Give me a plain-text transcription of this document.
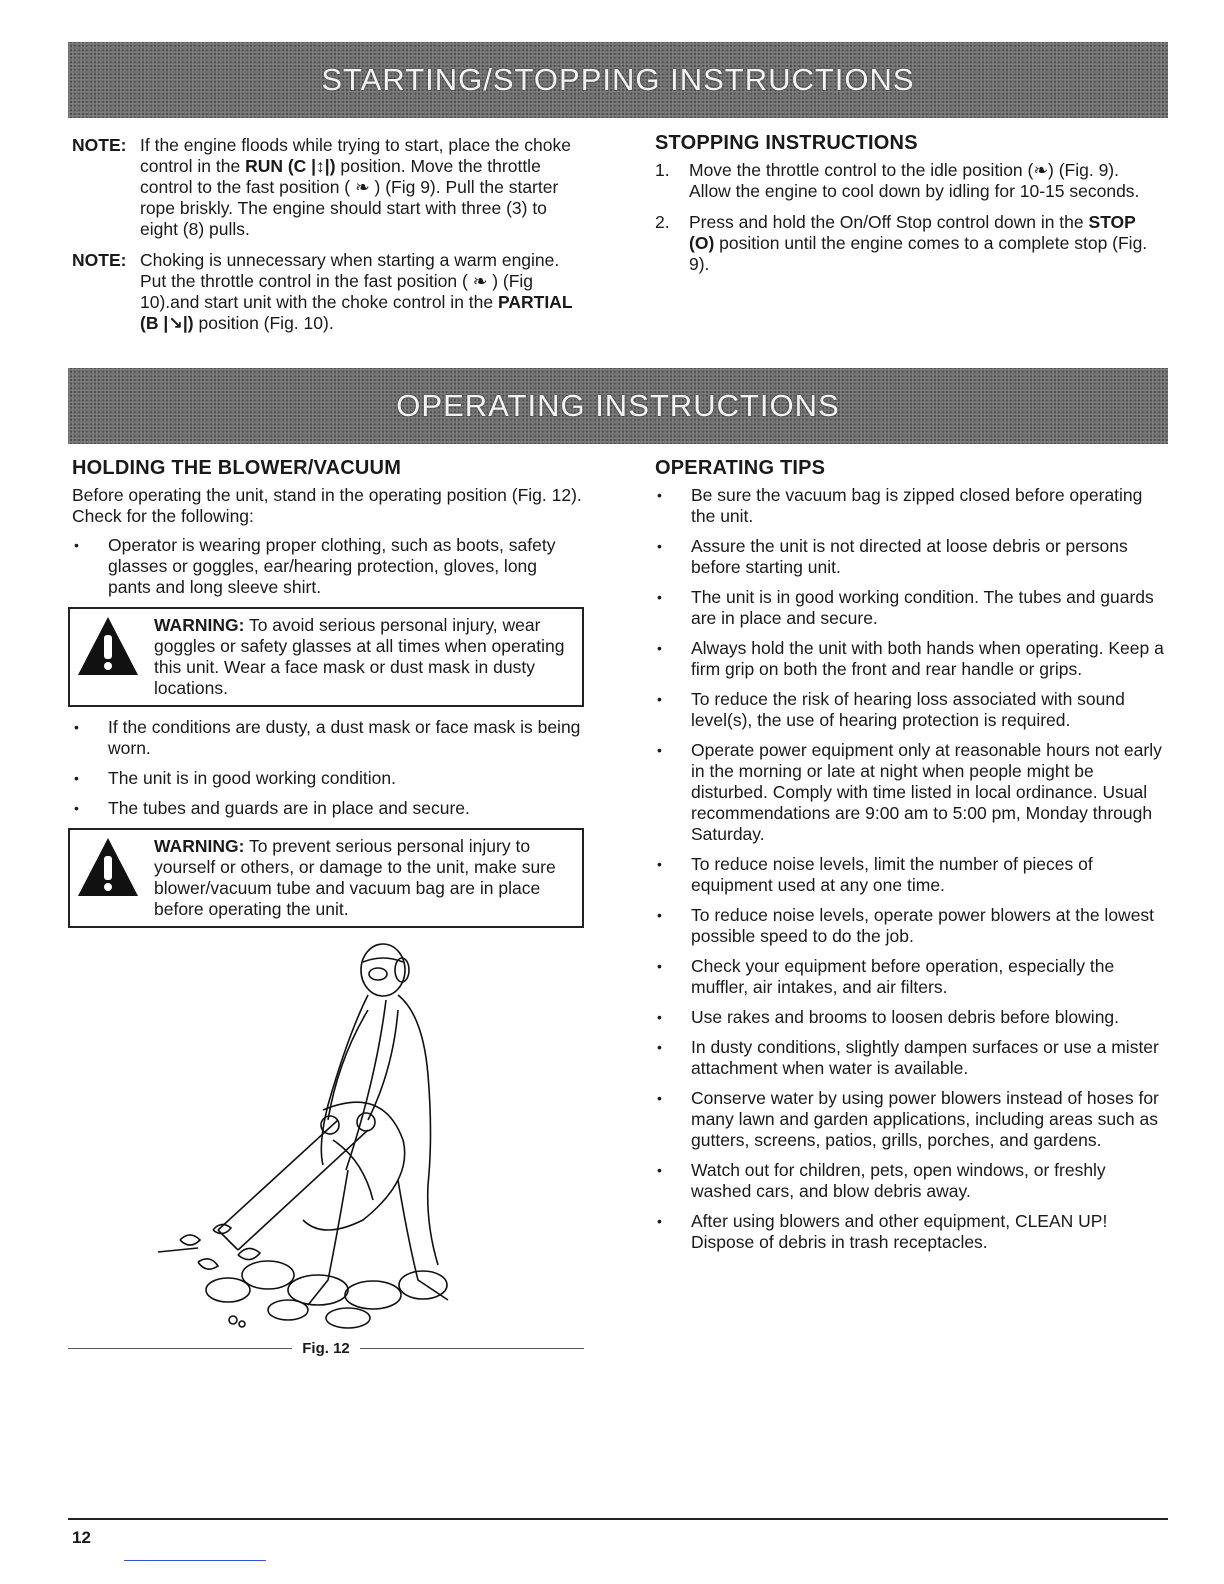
STARTING/STOPPING INSTRUCTIONS
NOTE: If the engine floods while trying to start, place the choke control in the RUN (C |↕|) position. Move the throttle control to the fast position ( ❧ ) (Fig 9). Pull the starter rope briskly. The engine should start with three (3) to eight (8) pulls.
NOTE: Choking is unnecessary when starting a warm engine. Put the throttle control in the fast position ( ❧ ) (Fig 10).and start unit with the choke control in the PARTIAL (B |↘|) position (Fig. 10).
STOPPING INSTRUCTIONS
1. Move the throttle control to the idle position (❧) (Fig. 9). Allow the engine to cool down by idling for 10-15 seconds.
2. Press and hold the On/Off Stop control down in the STOP (O) position until the engine comes to a complete stop (Fig. 9).
OPERATING INSTRUCTIONS
HOLDING THE BLOWER/VACUUM

Before operating the unit, stand in the operating position (Fig. 12). Check for the following:

• Operator is wearing proper clothing, such as boots, safety glasses or goggles, ear/hearing protection, gloves, long pants and long sleeve shirt.
WARNING: To avoid serious personal injury, wear goggles or safety glasses at all times when operating this unit. Wear a face mask or dust mask in dusty locations.
• If the conditions are dusty, a dust mask or face mask is being worn.
• The unit is in good working condition.
• The tubes and guards are in place and secure.
WARNING: To prevent serious personal injury to yourself or others, or damage to the unit, make sure blower/vacuum tube and vacuum bag are in place before operating the unit.
Fig. 12
OPERATING TIPS
• Be sure the vacuum bag is zipped closed before operating the unit.
• Assure the unit is not directed at loose debris or persons before starting unit.
• The unit is in good working condition. The tubes and guards are in place and secure.
• Always hold the unit with both hands when operating. Keep a firm grip on both the front and rear handle or grips.
• To reduce the risk of hearing loss associated with sound level(s), the use of hearing protection is required.
• Operate power equipment only at reasonable hours not early in the morning or late at night when people might be disturbed. Comply with time listed in local ordinance. Usual recommendations are 9:00 am to 5:00 pm, Monday through Saturday.
• To reduce noise levels, limit the number of pieces of equipment used at any one time.
• To reduce noise levels, operate power blowers at the lowest possible speed to do the job.
• Check your equipment before operation, especially the muffler, air intakes, and air filters.
• Use rakes and brooms to loosen debris before blowing.
• In dusty conditions, slightly dampen surfaces or use a mister attachment when water is available.
• Conserve water by using power blowers instead of hoses for many lawn and garden applications, including areas such as gutters, screens, patios, grills, porches, and gardens.
• Watch out for children, pets, open windows, or freshly washed cars, and blow debris away.
• After using blowers and other equipment, CLEAN UP! Dispose of debris in trash receptacles.
12
